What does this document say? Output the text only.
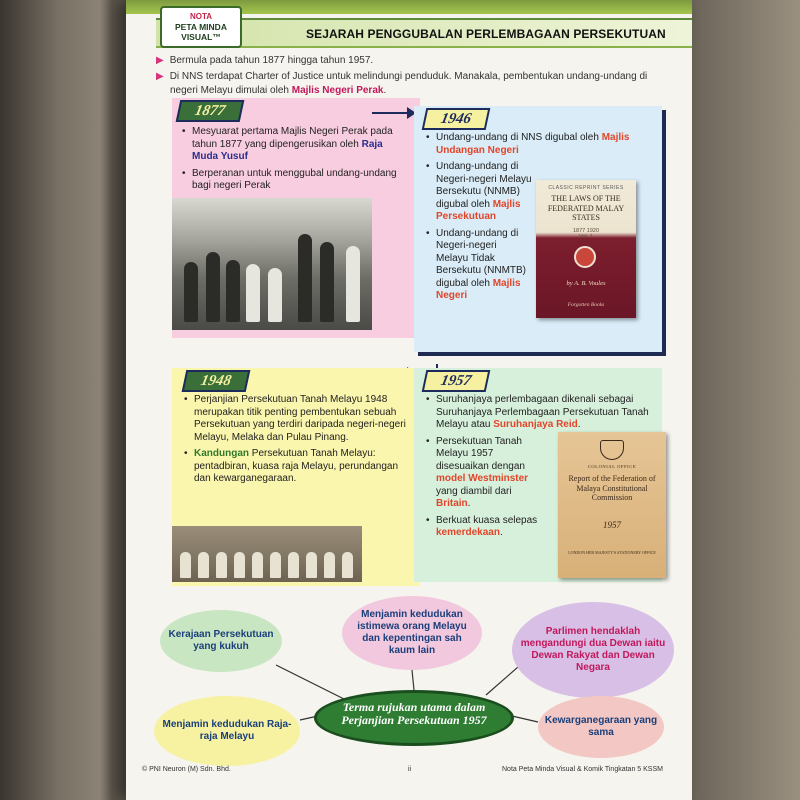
SEJARAH PENGGUBALAN PERLEMBAGAAN PERSEKUTUAN
NOTA
PETA MINDA
VISUAL™
▶ Bermula pada tahun 1877 hingga tahun 1957.
▶ Di NNS terdapat Charter of Justice untuk melindungi penduduk. Manakala, pembentukan undang-undang di
negeri Melayu dimulai oleh Majlis Negeri Perak.
1877
• Mesyuarat pertama Majlis Negeri Perak pada tahun 1877 yang dipengerusikan oleh Raja Muda Yusuf
• Berperanan untuk menggubal undang-undang bagi negeri Perak
1946
• Undang-undang di NNS digubal oleh Majlis Undangan Negeri
• Undang-undang di Negeri-negeri Melayu Bersekutu (NNMB) digubal oleh Majlis Persekutuan
• Undang-undang di Negeri-negeri Melayu Tidak Bersekutu (NNMTB) digubal oleh Majlis Negeri
CLASSIC REPRINT SERIES
THE LAWS OF THE FEDERATED MALAY STATES
1877 1920
Vol. 1
by A. B. Voules
Forgotten Books
1948
• Perjanjian Persekutuan Tanah Melayu 1948 merupakan titik penting pembentukan sebuah Persekutuan yang terdiri daripada negeri-negeri Melayu, Melaka dan Pulau Pinang.
• Kandungan Persekutuan Tanah Melayu: pentadbiran, kuasa raja Melayu, perundangan dan kewarganegaraan.
1957
• Suruhanjaya perlembagaan dikenali sebagai Suruhanjaya Perlembagaan Persekutuan Tanah Melayu atau Suruhanjaya Reid.
• Persekutuan Tanah Melayu 1957 disesuaikan dengan model Westminster yang diambil dari Britain.
• Berkuat kuasa selepas kemerdekaan.
COLONIAL OFFICE
Report of the Federation of Malaya Constitutional Commission
1957
LONDON HER MAJESTY'S STATIONERY OFFICE
Terma rujukan utama dalam Perjanjian Persekutuan 1957
Kerajaan Persekutuan yang kukuh
Menjamin kedudukan istimewa orang Melayu dan kepentingan sah kaum lain
Parlimen hendaklah mengandungi dua Dewan iaitu Dewan Rakyat dan Dewan Negara
Menjamin kedudukan Raja-raja Melayu
Kewarganegaraan yang sama
© PNI Neuron (M) Sdn. Bhd.	ii	Nota Peta Minda Visual & Komik Tingkatan 5 KSSM
